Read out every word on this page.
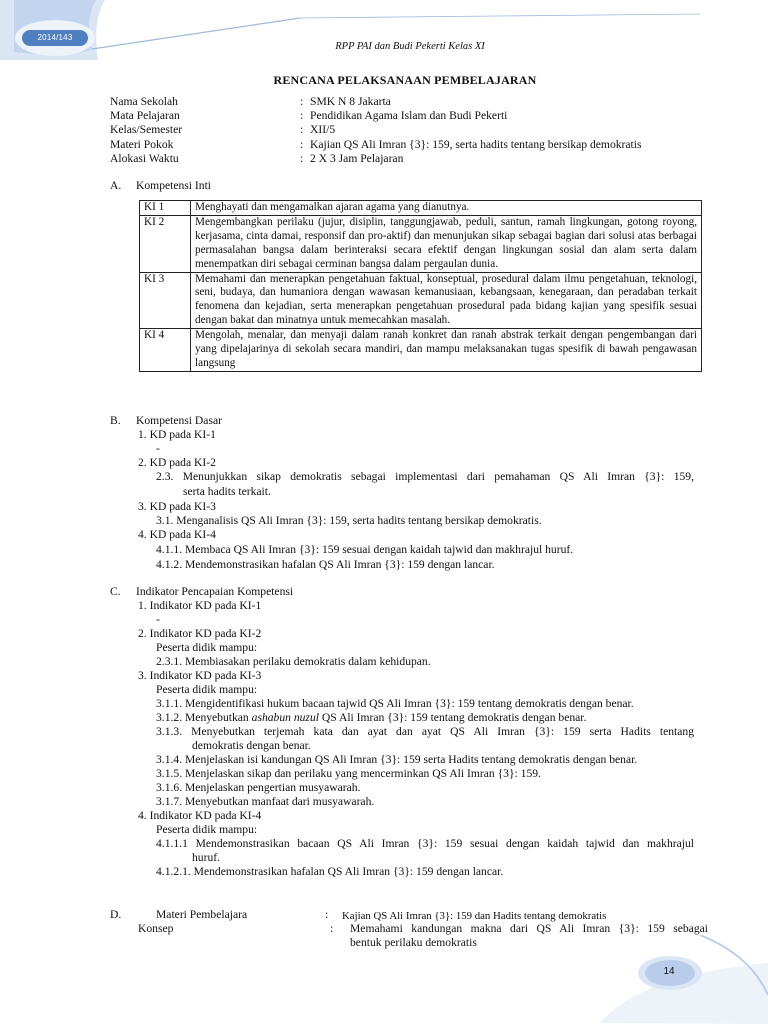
2014/143
RPP PAI dan Budi Pekerti Kelas XI
RENCANA PELAKSANAAN PEMBELAJARAN
Nama Sekolah	: SMK N 8 Jakarta
Mata Pelajaran	: Pendidikan Agama Islam dan Budi Pekerti
Kelas/Semester	: XII/5
Materi Pokok	: Kajian QS Ali Imran {3}: 159, serta hadits tentang bersikap demokratis
Alokasi Waktu	: 2 X 3 Jam Pelajaran
A.	Kompetensi Inti
KI 1	Menghayati dan mengamalkan ajaran agama yang dianutnya.
KI 2	Mengembangkan perilaku (jujur, disiplin, tanggungjawab, peduli, santun, ramah lingkungan, gotong royong, kerjasama, cinta damai, responsif dan pro-aktif) dan menunjukan sikap sebagai bagian dari solusi atas berbagai permasalahan bangsa dalam berinteraksi secara efektif dengan lingkungan sosial dan alam serta dalam menempatkan diri sebagai cerminan bangsa dalam pergaulan dunia.
KI 3	Memahami dan menerapkan pengetahuan faktual, konseptual, prosedural dalam ilmu pengetahuan, teknologi, seni, budaya, dan humaniora dengan wawasan kemanusiaan, kebangsaan, kenegaraan, dan peradaban terkait fenomena dan kejadian, serta menerapkan pengetahuan prosedural pada bidang kajian yang spesifik sesuai dengan bakat dan minatnya untuk memecahkan masalah.
KI 4	Mengolah, menalar, dan menyaji dalam ranah konkret dan ranah abstrak terkait dengan pengembangan dari yang dipelajarinya di sekolah secara mandiri, dan mampu melaksanakan tugas spesifik di bawah pengawasan langsung
B.	Kompetensi Dasar
1. KD pada KI-1
-
2. KD pada KI-2
2.3. Menunjukkan sikap demokratis sebagai implementasi dari pemahaman QS Ali Imran {3}: 159,
serta hadits terkait.
3. KD pada KI-3
3.1. Menganalisis QS Ali Imran {3}: 159, serta hadits tentang bersikap demokratis.
4. KD pada KI-4
4.1.1. Membaca QS Ali Imran {3}: 159 sesuai dengan kaidah tajwid dan makhrajul huruf.
4.1.2. Mendemonstrasikan hafalan QS Ali Imran {3}: 159 dengan lancar.
C.	Indikator Pencapaian Kompetensi
1. Indikator KD pada KI-1
-
2. Indikator KD pada KI-2
Peserta didik mampu:
2.3.1. Membiasakan perilaku demokratis dalam kehidupan.
3. Indikator KD pada KI-3
Peserta didik mampu:
3.1.1. Mengidentifikasi hukum bacaan tajwid QS Ali Imran {3}: 159 tentang demokratis dengan benar.
3.1.2. Menyebutkan ashabun nuzul QS Ali Imran {3}: 159 tentang demokratis dengan benar.
3.1.3. Menyebutkan terjemah kata dan ayat dan ayat QS Ali Imran {3}: 159 serta Hadits tentang
demokratis dengan benar.
3.1.4. Menjelaskan isi kandungan QS Ali Imran {3}: 159 serta Hadits tentang demokratis dengan benar.
3.1.5. Menjelaskan sikap dan perilaku yang mencerminkan QS Ali Imran {3}: 159.
3.1.6. Menjelaskan pengertian musyawarah.
3.1.7. Menyebutkan manfaat dari musyawarah.
4. Indikator KD pada KI-4
Peserta didik mampu:
4.1.1.1 Mendemonstrasikan bacaan QS Ali Imran {3}: 159 sesuai dengan kaidah tajwid dan makhrajul
huruf.
4.1.2.1. Mendemonstrasikan hafalan QS Ali Imran {3}: 159 dengan lancar.
D.	Materi Pembelajara	: Kajian QS Ali Imran {3}: 159 dan Hadits tentang demokratis
Konsep	: Memahami kandungan makna dari QS Ali Imran {3}: 159 sebagai
bentuk perilaku demokratis
14
